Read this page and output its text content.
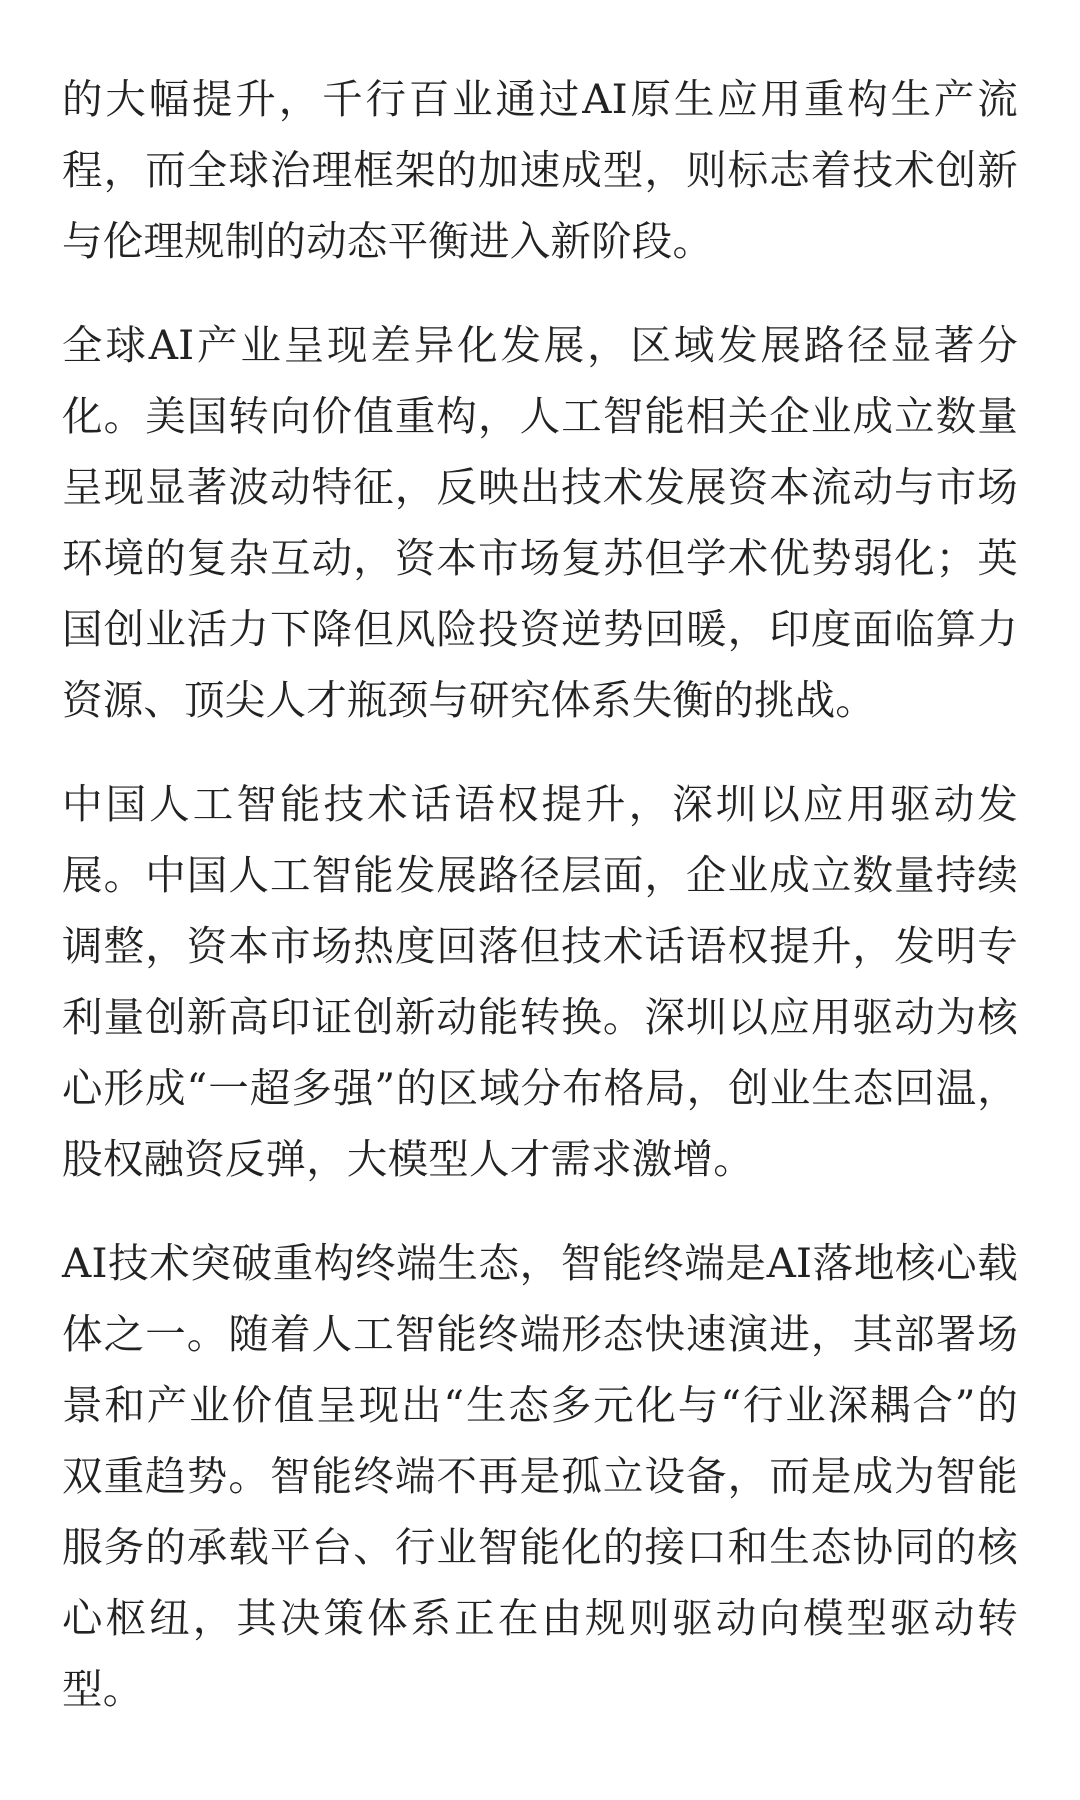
的大幅提升，千行百业通过AI原生应用重构生产流程，而全球治理框架的加速成型，则标志着技术创新与伦理规制的动态平衡进入新阶段。

全球AI产业呈现差异化发展，区域发展路径显著分化。美国转向价值重构，人工智能相关企业成立数量呈现显著波动特征，反映出技术发展资本流动与市场环境的复杂互动，资本市场复苏但学术优势弱化；英国创业活力下降但风险投资逆势回暖，印度面临算力资源、顶尖人才瓶颈与研究体系失衡的挑战。

中国人工智能技术话语权提升，深圳以应用驱动发展。中国人工智能发展路径层面，企业成立数量持续调整，资本市场热度回落但技术话语权提升，发明专利量创新高印证创新动能转换。深圳以应用驱动为核心形成“一超多强”的区域分布格局，创业生态回温，股权融资反弹，大模型人才需求激增。

AI技术突破重构终端生态，智能终端是AI落地核心载体之一。随着人工智能终端形态快速演进，其部署场景和产业价值呈现出“生态多元化与“行业深耦合”的双重趋势。智能终端不再是孤立设备，而是成为智能服务的承载平台、行业智能化的接口和生态协同的核心枢纽，其决策体系正在由规则驱动向模型驱动转型。
